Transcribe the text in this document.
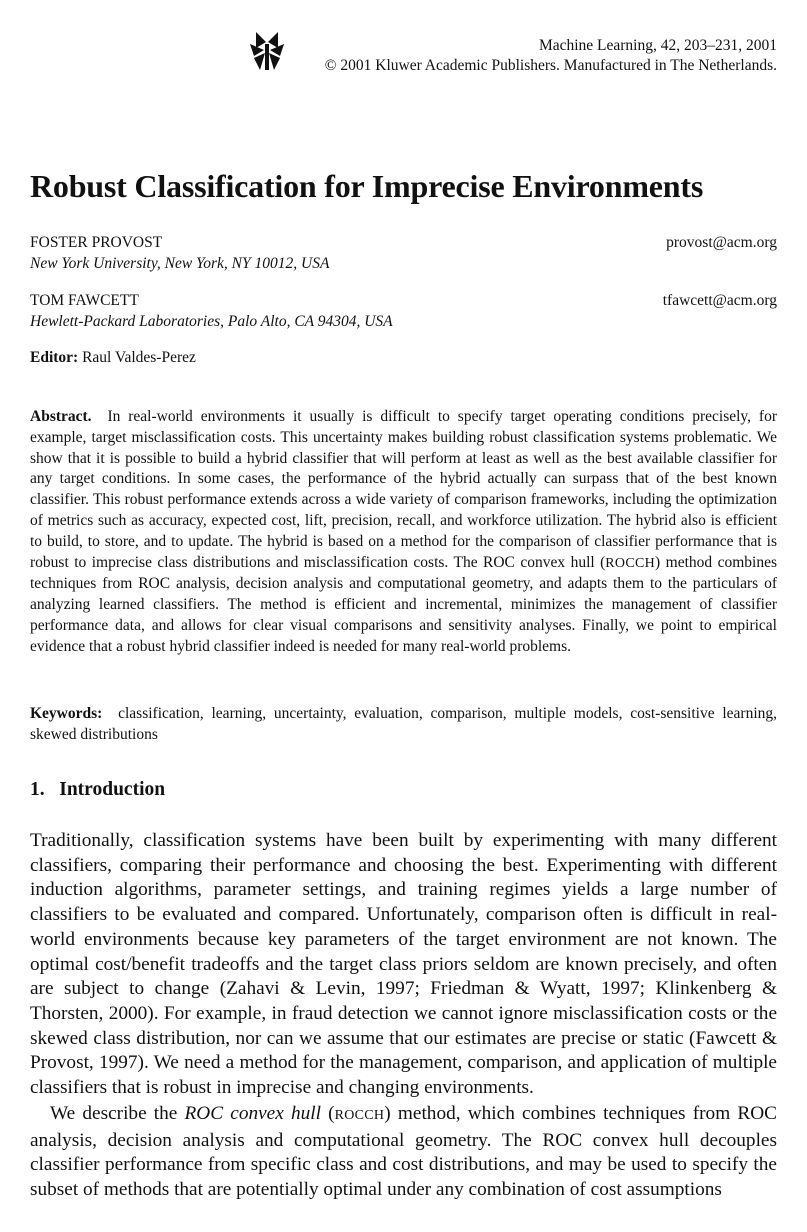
Machine Learning, 42, 203–231, 2001
© 2001 Kluwer Academic Publishers. Manufactured in The Netherlands.
Robust Classification for Imprecise Environments
FOSTER PROVOST	provost@acm.org
New York University, New York, NY 10012, USA
TOM FAWCETT	tfawcett@acm.org
Hewlett-Packard Laboratories, Palo Alto, CA 94304, USA
Editor: Raul Valdes-Perez

Abstract. In real-world environments it usually is difficult to specify target operating conditions precisely, for example, target misclassification costs. This uncertainty makes building robust classification systems problematic. We show that it is possible to build a hybrid classifier that will perform at least as well as the best available classifier for any target conditions. In some cases, the performance of the hybrid actually can surpass that of the best known classifier. This robust performance extends across a wide variety of comparison frameworks, including the optimization of metrics such as accuracy, expected cost, lift, precision, recall, and workforce utilization. The hybrid also is efficient to build, to store, and to update. The hybrid is based on a method for the comparison of classifier performance that is robust to imprecise class distributions and misclassification costs. The ROC convex hull (ROCCH) method combines techniques from ROC analysis, decision analysis and computational geometry, and adapts them to the particulars of analyzing learned classifiers. The method is efficient and incremental, minimizes the management of classifier performance data, and allows for clear visual comparisons and sensitivity analyses. Finally, we point to empirical evidence that a robust hybrid classifier indeed is needed for many real-world problems.

Keywords: classification, learning, uncertainty, evaluation, comparison, multiple models, cost-sensitive learning, skewed distributions

1. Introduction

Traditionally, classification systems have been built by experimenting with many different classifiers, comparing their performance and choosing the best. Experimenting with different induction algorithms, parameter settings, and training regimes yields a large number of classifiers to be evaluated and compared. Unfortunately, comparison often is difficult in real-world environments because key parameters of the target environment are not known. The optimal cost/benefit tradeoffs and the target class priors seldom are known precisely, and often are subject to change (Zahavi & Levin, 1997; Friedman & Wyatt, 1997; Klinkenberg & Thorsten, 2000). For example, in fraud detection we cannot ignore misclassification costs or the skewed class distribution, nor can we assume that our estimates are precise or static (Fawcett & Provost, 1997). We need a method for the management, comparison, and application of multiple classifiers that is robust in imprecise and changing environments.

We describe the ROC convex hull (ROCCH) method, which combines techniques from ROC analysis, decision analysis and computational geometry. The ROC convex hull decouples classifier performance from specific class and cost distributions, and may be used to specify the subset of methods that are potentially optimal under any combination of cost assumptions
